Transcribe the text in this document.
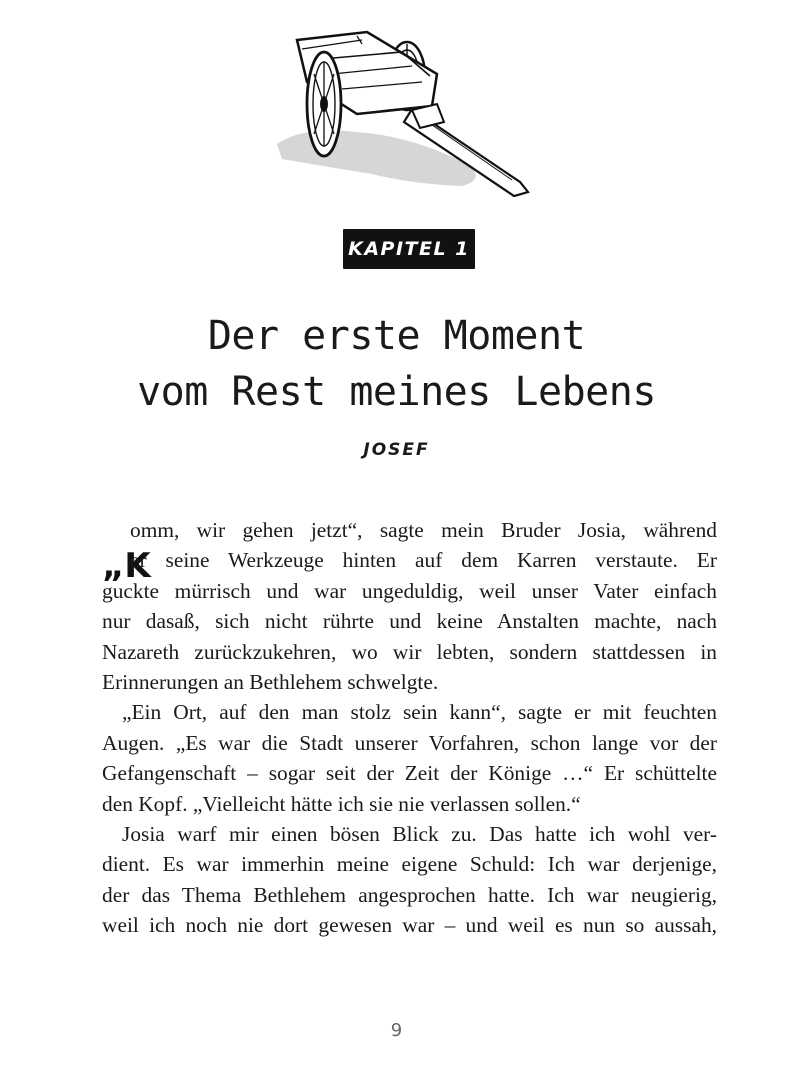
KAPITEL 1
Der erste Moment
vom Rest meines Lebens
JOSEF
„K
omm, wir gehen jetzt“, sagte mein Bruder Josia, während
er seine Werkzeuge hinten auf dem Karren verstaute. Er
guckte mürrisch und war ungeduldig, weil unser Vater einfach
nur dasaß, sich nicht rührte und keine Anstalten machte, nach
Nazareth zurückzukehren, wo wir lebten, sondern stattdessen in
Erinnerungen an Bethlehem schwelgte.
„Ein Ort, auf den man stolz sein kann“, sagte er mit feuchten
Augen. „Es war die Stadt unserer Vorfahren, schon lange vor der
Gefangenschaft – sogar seit der Zeit der Könige …“ Er schüttelte
den Kopf. „Vielleicht hätte ich sie nie verlassen sollen.“
Josia warf mir einen bösen Blick zu. Das hatte ich wohl ver-
dient. Es war immerhin meine eigene Schuld: Ich war derjenige,
der das Thema Bethlehem angesprochen hatte. Ich war neugierig,
weil ich noch nie dort gewesen war – und weil es nun so aussah,
9
